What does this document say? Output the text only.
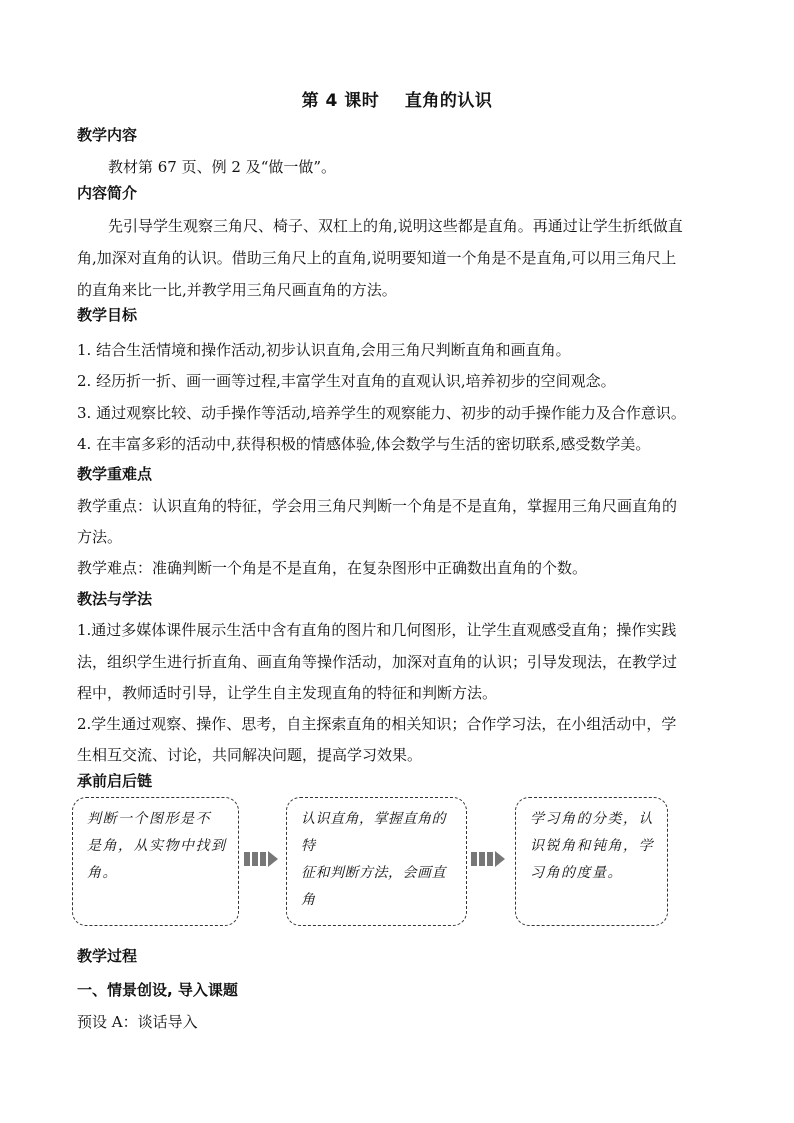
第 4 课时    直角的认识
教学内容
教材第 67 页、例 2 及“做一做”。
内容简介
先引导学生观察三角尺、椅子、双杠上的角,说明这些都是直角。再通过让学生折纸做直
角,加深对直角的认识。借助三角尺上的直角,说明要知道一个角是不是直角,可以用三角尺上
的直角来比一比,并教学用三角尺画直角的方法。
教学目标
1. 结合生活情境和操作活动,初步认识直角,会用三角尺判断直角和画直角。
2. 经历折一折、画一画等过程,丰富学生对直角的直观认识,培养初步的空间观念。
3. 通过观察比较、动手操作等活动,培养学生的观察能力、初步的动手操作能力及合作意识。
4. 在丰富多彩的活动中,获得积极的情感体验,体会数学与生活的密切联系,感受数学美。
教学重难点
教学重点：认识直角的特征，学会用三角尺判断一个角是不是直角，掌握用三角尺画直角的
方法。
教学难点：准确判断一个角是不是直角，在复杂图形中正确数出直角的个数。
教法与学法
1.通过多媒体课件展示生活中含有直角的图片和几何图形，让学生直观感受直角；操作实践
法，组织学生进行折直角、画直角等操作活动，加深对直角的认识；引导发现法，在教学过
程中，教师适时引导，让学生自主发现直角的特征和判断方法。
2.学生通过观察、操作、思考，自主探索直角的相关知识；合作学习法，在小组活动中，学
生相互交流、讨论，共同解决问题，提高学习效果。
承前启后链
判断一个图形是不
是角，从实物中找到
角。
认识直角，掌握直角的特
征和判断方法，会画直角
学习角的分类，认
识锐角和钝角，学
习角的度量。
教学过程
一、情景创设, 导入课题
预设 A：谈话导入
